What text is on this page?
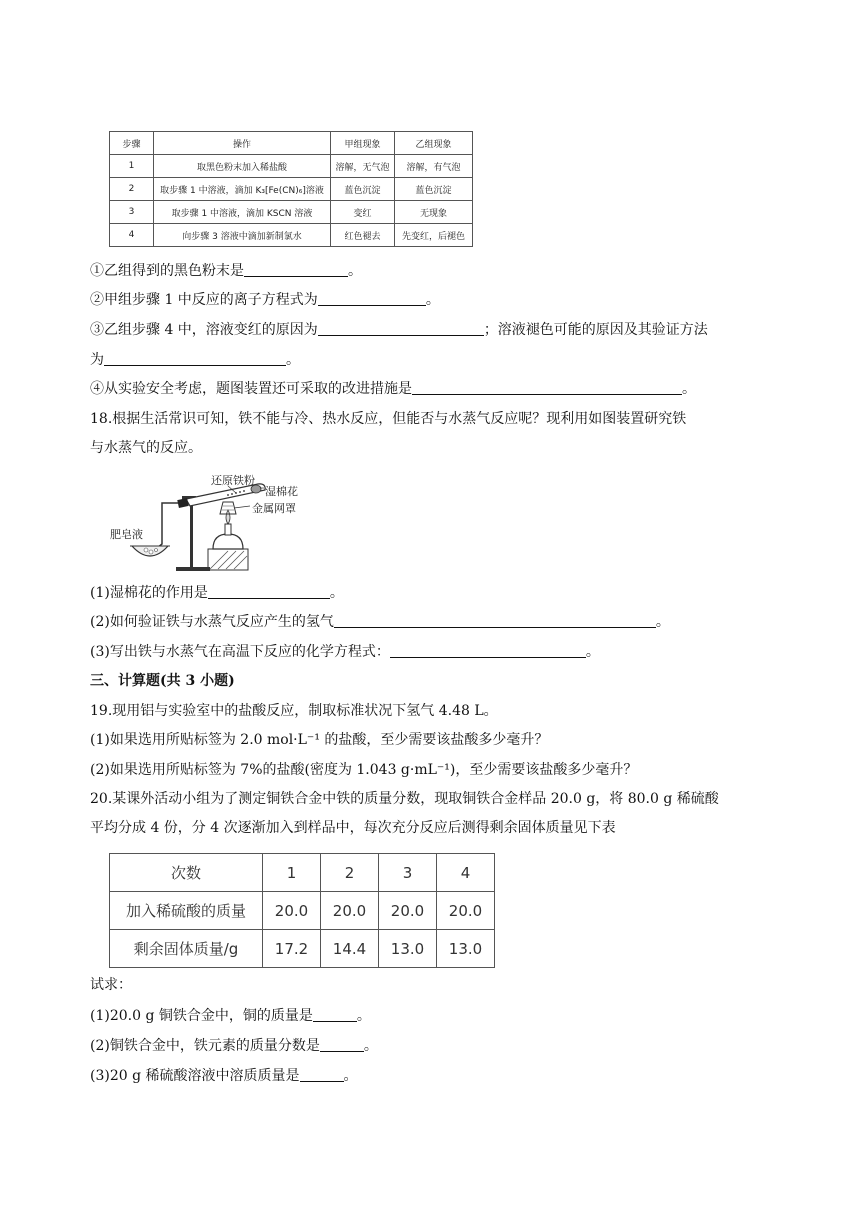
步骤	操作	甲组现象	乙组现象
1	取黑色粉末加入稀盐酸	溶解，无气泡	溶解，有气泡
2	取步骤 1 中溶液，滴加 K₃[Fe(CN)₆]溶液	蓝色沉淀	蓝色沉淀
3	取步骤 1 中溶液，滴加 KSCN 溶液	变红	无现象
4	向步骤 3 溶液中滴加新制氯水	红色褪去	先变红，后褪色
①乙组得到的黑色粉末是	。
②甲组步骤 1 中反应的离子方程式为	。
③乙组步骤 4 中，溶液变红的原因为	；溶液褪色可能的原因及其验证方法
为	。
④从实验安全考虑，题图装置还可采取的改进措施是	。
18.根据生活常识可知，铁不能与冷、热水反应，但能否与水蒸气反应呢？现利用如图装置研究铁
与水蒸气的反应。
还原铁粉
湿棉花
金属网罩
肥皂液
(1)湿棉花的作用是	。
(2)如何验证铁与水蒸气反应产生的氢气	。
(3)写出铁与水蒸气在高温下反应的化学方程式：	。
三、计算题(共 3 小题)
19.现用铝与实验室中的盐酸反应，制取标准状况下氢气 4.48 L。
(1)如果选用所贴标签为 2.0 mol·L⁻¹ 的盐酸，至少需要该盐酸多少毫升？
(2)如果选用所贴标签为 7%的盐酸(密度为 1.043 g·mL⁻¹)，至少需要该盐酸多少毫升？
20.某课外活动小组为了测定铜铁合金中铁的质量分数，现取铜铁合金样品 20.0 g，将 80.0 g 稀硫酸
平均分成 4 份，分 4 次逐渐加入到样品中，每次充分反应后测得剩余固体质量见下表
次数	1	2	3	4
加入稀硫酸的质量	20.0	20.0	20.0	20.0
剩余固体质量/g	17.2	14.4	13.0	13.0
试求：
(1)20.0 g 铜铁合金中，铜的质量是	。
(2)铜铁合金中，铁元素的质量分数是	。
(3)20 g 稀硫酸溶液中溶质质量是	。
